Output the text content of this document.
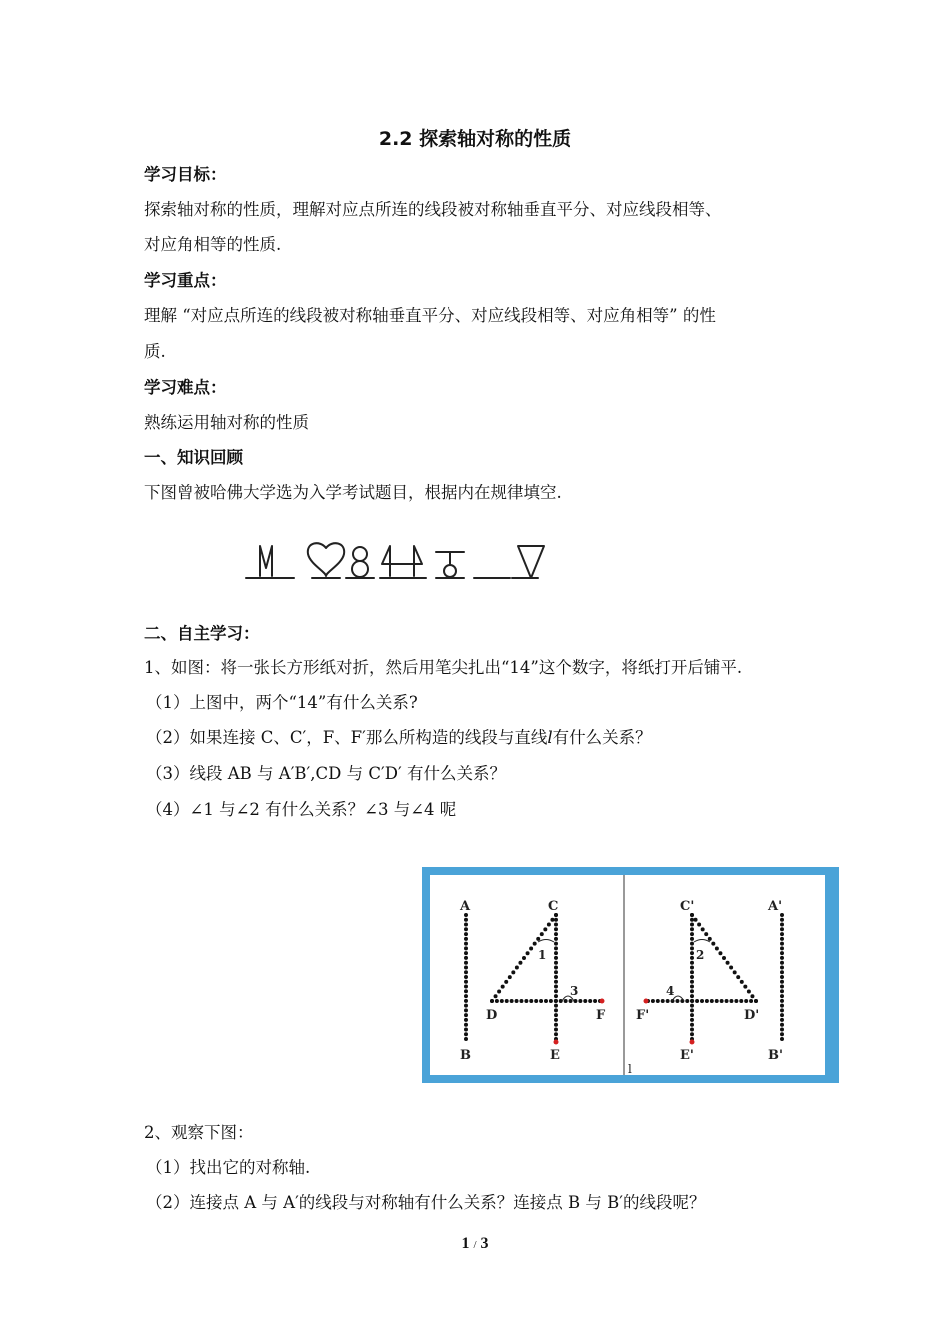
2.2 探索轴对称的性质
学习目标：
探索轴对称的性质，理解对应点所连的线段被对称轴垂直平分、对应线段相等、
对应角相等的性质.
学习重点：
理解 “对应点所连的线段被对称轴垂直平分、对应线段相等、对应角相等” 的性
质.
学习难点：
熟练运用轴对称的性质
一、知识回顾
下图曾被哈佛大学选为入学考试题目，根据内在规律填空.
二、自主学习：
1、如图：将一张长方形纸对折，然后用笔尖扎出“14”这个数字，将纸打开后铺平.
（1）上图中，两个“14”有什么关系?
（2）如果连接 C、C′，F、F′那么所构造的线段与直线l有什么关系？
（3）线段 AB 与 A′B′,CD 与 C′D′ 有什么关系？
（4）∠1 与∠2 有什么关系？∠3 与∠4 呢
A	C
1
3
D	F
B	E
C'	A'
2
4
F'	D'
E'	B'
l
2、观察下图：
（1）找出它的对称轴.
（2）连接点 A 与 A′的线段与对称轴有什么关系？连接点 B 与 B′的线段呢？
1 / 3
